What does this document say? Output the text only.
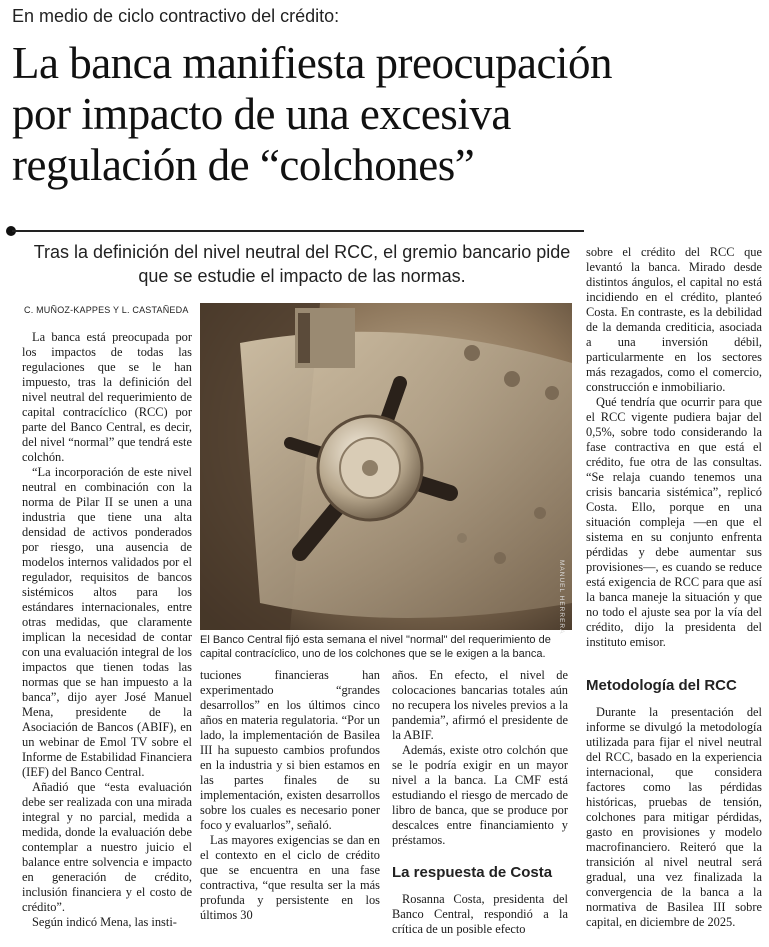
En medio de ciclo contractivo del crédito:
La banca manifiesta preocupación
por impacto de una excesiva
regulación de “colchones”
Tras la definición del nivel neutral del RCC, el gremio bancario pide que se estudie el impacto de las normas.
C. MUÑOZ-KAPPES Y L. CASTAÑEDA

La banca está preocupada por los impactos de todas las regulaciones que se le han impuesto, tras la definición del nivel neutral del requerimiento de capital contracíclico (RCC) por parte del Banco Central, es decir, del nivel “normal” que tendrá este colchón.

“La incorporación de este nivel neutral en combinación con la norma de Pilar II se unen a una industria que tiene una alta densidad de activos ponderados por riesgo, una ausencia de modelos internos validados por el regulador, requisitos de bancos sistémicos altos para los estándares internacionales, entre otras medidas, que claramente implican la necesidad de contar con una evaluación integral de los impactos que tienen todas las normas que se han impuesto a la banca”, dijo ayer José Manuel Mena, presidente de la Asociación de Bancos (ABIF), en un webinar de Emol TV sobre el Informe de Estabilidad Financiera (IEF) del Banco Central.

Añadió que “esta evaluación debe ser realizada con una mirada integral y no parcial, medida a medida, donde la evaluación debe contemplar a nuestro juicio el balance entre solvencia e impacto en generación de crédito, inclusión financiera y el costo de crédito”.

Según indicó Mena, las insti-

MANUEL HERRERA
El Banco Central fijó esta semana el nivel "normal" del requerimiento de capital contracíclico, uno de los colchones que se le exigen a la banca.

tuciones financieras han experimentado “grandes desarrollos” en los últimos cinco años en materia regulatoria. “Por un lado, la implementación de Basilea III ha supuesto cambios profundos en la industria y si bien estamos en las partes finales de su implementación, existen desarrollos sobre los cuales es necesario poner foco y evaluarlos”, señaló.

Las mayores exigencias se dan en el contexto en el ciclo de crédito que se encuentra en una fase contractiva, “que resulta ser la más profunda y persistente en los últimos 30

años. En efecto, el nivel de colocaciones bancarias totales aún no recupera los niveles previos a la pandemia”, afirmó el presidente de la ABIF.

Además, existe otro colchón que se le podría exigir en un mayor nivel a la banca. La CMF está estudiando el riesgo de mercado de libro de banca, que se produce por descalces entre financiamiento y préstamos.

La respuesta de Costa

Rosanna Costa, presidenta del Banco Central, respondió a la crítica de un posible efecto

sobre el crédito del RCC que levantó la banca. Mirado desde distintos ángulos, el capital no está incidiendo en el crédito, planteó Costa. En contraste, es la debilidad de la demanda crediticia, asociada a una inversión débil, particularmente en los sectores más rezagados, como el comercio, construcción e inmobiliario.

Qué tendría que ocurrir para que el RCC vigente pudiera bajar del 0,5%, sobre todo considerando la fase contractiva en que está el crédito, fue otra de las consultas. “Se relaja cuando tenemos una crisis bancaria sistémica”, replicó Costa. Ello, porque en una situación compleja —en que el sistema en su conjunto enfrenta pérdidas y debe aumentar sus provisiones—, es cuando se reduce está exigencia de RCC para que así la banca maneje la situación y que no todo el ajuste sea por la vía del crédito, dijo la presidenta del instituto emisor.

Metodología del RCC

Durante la presentación del informe se divulgó la metodología utilizada para fijar el nivel neutral del RCC, basado en la experiencia internacional, que considera factores como las pérdidas históricas, pruebas de tensión, colchones para mitigar pérdidas, gasto en provisiones y modelo macrofinanciero. Reiteró que la transición al nivel neutral será gradual, una vez finalizada la convergencia de la banca a la normativa de Basilea III sobre capital, en diciembre de 2025.
